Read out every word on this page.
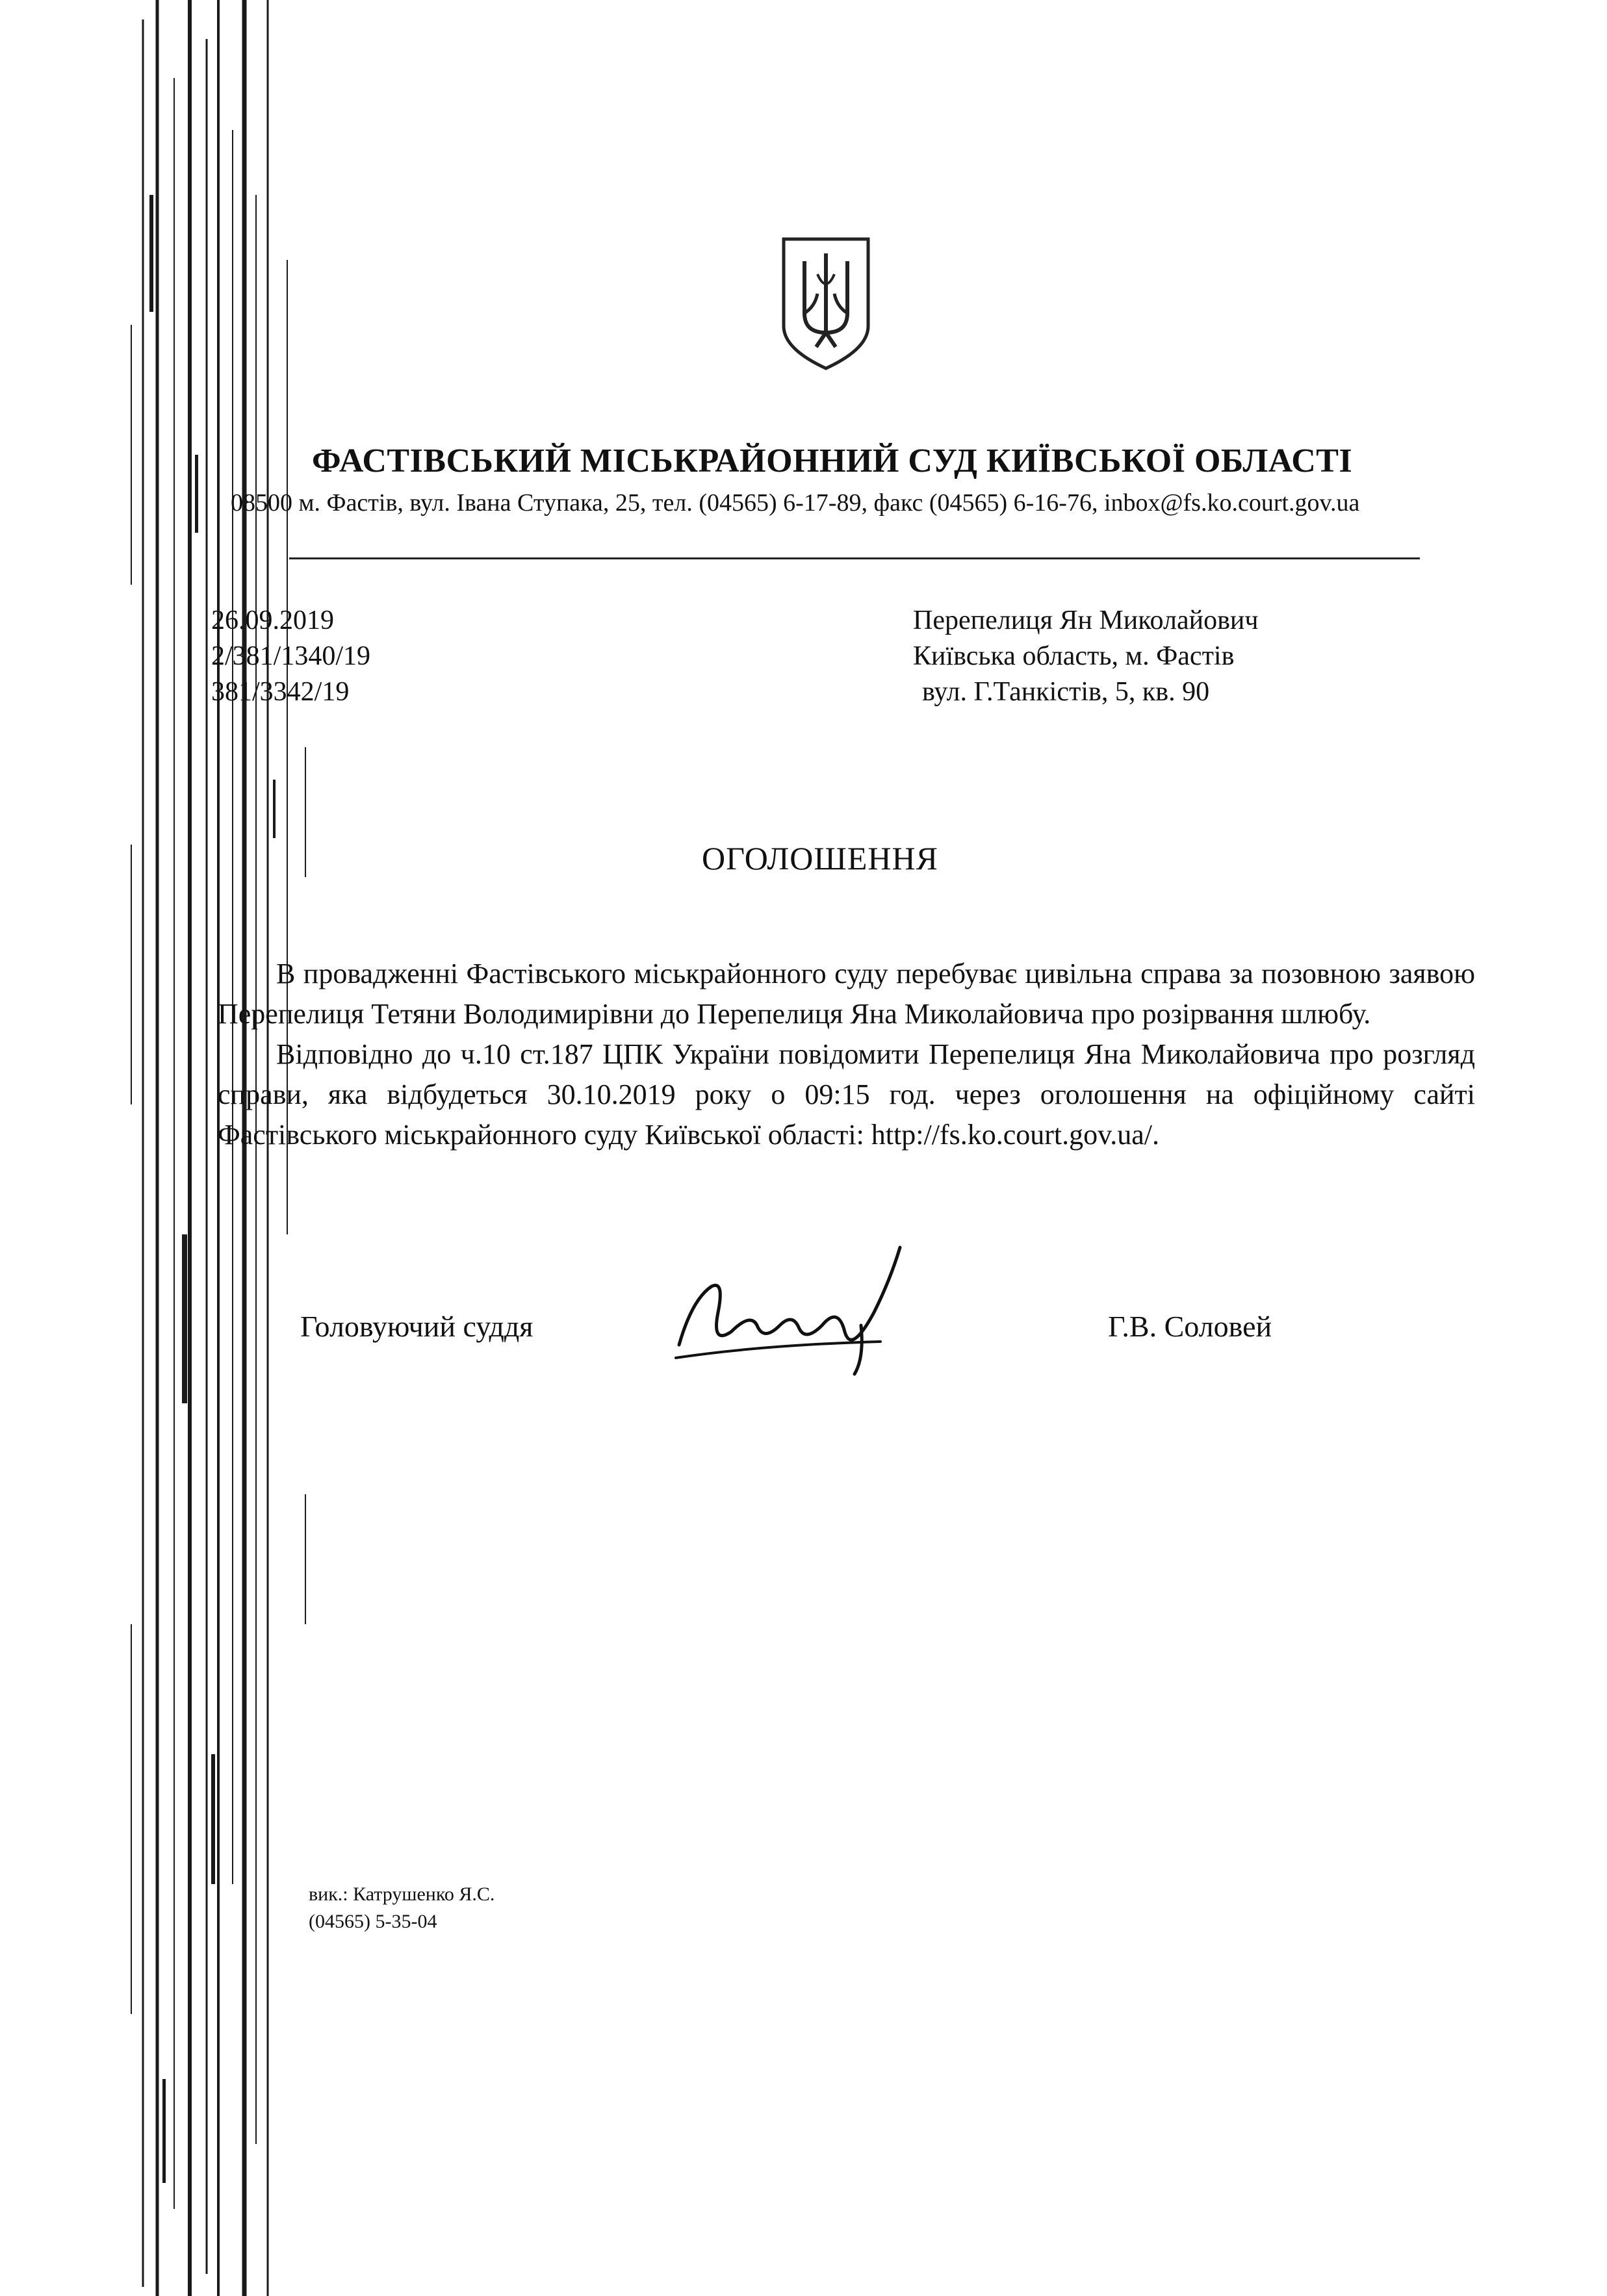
ФАСТІВСЬКИЙ МІСЬКРАЙОННИЙ СУД КИЇВСЬКОЇ ОБЛАСТІ
08500 м. Фастів, вул. Івана Ступака, 25, тел. (04565) 6-17-89, факс (04565) 6-16-76, inbox@fs.ko.court.gov.ua
26.09.2019
2/381/1340/19
381/3342/19
Перепелиця Ян Миколайович
Київська область, м. Фастів
вул. Г.Танкістів, 5, кв. 90
ОГОЛОШЕННЯ

В провадженні Фастівського міськрайонного суду перебуває цивільна справа за позовною заявою Перепелиця Тетяни Володимирівни до Перепелиця Яна Миколайовича про розірвання шлюбу.

Відповідно до ч.10 ст.187 ЦПК України повідомити Перепелиця Яна Миколайовича про розгляд справи, яка відбудеться 30.10.2019 року о 09:15 год. через оголошення на офіційному сайті Фастівського міськрайонного суду Київської області: http://fs.ko.court.gov.ua/.

Головуючий суддя	Г.В. Соловей
вик.: Катрушенко Я.С.
(04565) 5-35-04
